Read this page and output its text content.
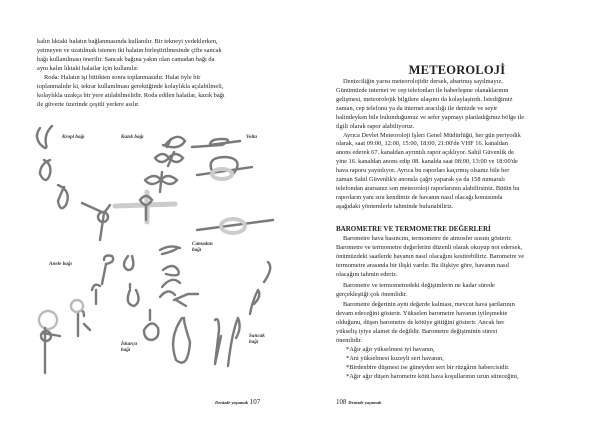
kalın lıktaki halatın bağlanmasında kullanılır. Bir tekneyi yedeklerken,
yetmeyen ve uzatılmak istenen iki halatın birleştirilmesinde çifte sancak
bağı kullanılması önerilir. Sancak bağına yakın olan camadan bağı da
aynı kalın lıktaki halatlar için kullanılır.
Roda: Halatın işi bittikten sonra toplanmasıdır. Halat öyle bir
toplanmalıdır ki, tekrar kullanılması gerektiğinde kolaylıkla açılabilmeli,
kolaylıkla uzakça bir yere atılabilmelidir. Roda edilen halatlar, kazık bağı
ile güverte üzerinde çeşitli yerlere asılır.
Kropi bağı	Kazık bağı	Volta
Camadan bağı
Anele bağı
İskarça bağı
Sancak bağı
Denizde yaşamak 107
METEOROLOJİ
Denizciliğin yarısı meteorolojidir dersek, abartmış sayılmayız.
Günümüzde internet ve cep telefonları ile haberleşme olanaklarının
gelişmesi, meteorolojik bilgilere ulaşımı da kolaylaştırdı. İstediğimiz
zaman, cep telefonu ya da internet aracılığı ile denizde ve seyir
halindeyken bile bulunduğumuz ve sefer yapmayı planladığımız bölge ile
ilgili olarak rapor alabiliyoruz.
Ayrıca Devlet Meteoroloji İşleri Genel Müdürlüğü, her gün periyodik
olarak, saat 09:00, 12:00, 15:00, 18:00, 21:00'de VHF 16. kanaldan
anons ederek 67. kanaldan ayrıntılı rapor açıklıyor. Sahil Güvenlik de
yine 16. kanaldan anons edip 08. kanalda saat 08:00, 13:00 ve 18:00'de
hava raporu yayınlıyor. Ayrıca bu raporları kaçırmış olsanız bile her
zaman Sahil Güvenlik'e anonsla çağrı yaparak ya da 158 numaralı
telefondan ararsanız son meteoroloji raporlarının alabilirsiniz. Bütün bu
raporların yanı sıra kendimiz de havanın nasıl olacağı konusunda
aşağıdaki yöntemlerle tahminde bulunabiliriz.
BAROMETRE VE TERMOMETRE DEĞERLERİ
Barometre hava basıncını, termometre de atmosfer ısısını gösterir.
Barometre ve termometre değerlerini düzenli olarak okuyup not edersek,
önümüzdeki saatlerde havanın nasıl olacağını kestirebiliriz. Barometre ve
termometre arasında bir ilişki vardır. Bu ilişkiye göre, havanın nasıl
olacağını tahmin ederiz.
Barometre ve termometredeki değişimlerin ne kadar sürede
gerçekleştiği çok önemlidir.
Barometre değerinin aynı değerde kalması, mevcut hava şartlarının
devam edeceğini gösterir. Yükselen barometre havanın iyileşmekte
olduğunu, düşen barometre de kötüye gittiğini gösterir. Ancak her
yükseliş iyiye alamet de değildir. Barometre değişiminin süresi
önemlidir.
*Ağır ağır yükselmesi iyi havanın,
*Ani yükselmesi kuzeyli sert havanın,
*Birdenbire düşmesi ise güneyden sert bir rüzgârın habercisidir.
*Ağır ağır düşen barometre kötü hava koşullarının uzun süreceğini,
108 Denizde yaşamak
